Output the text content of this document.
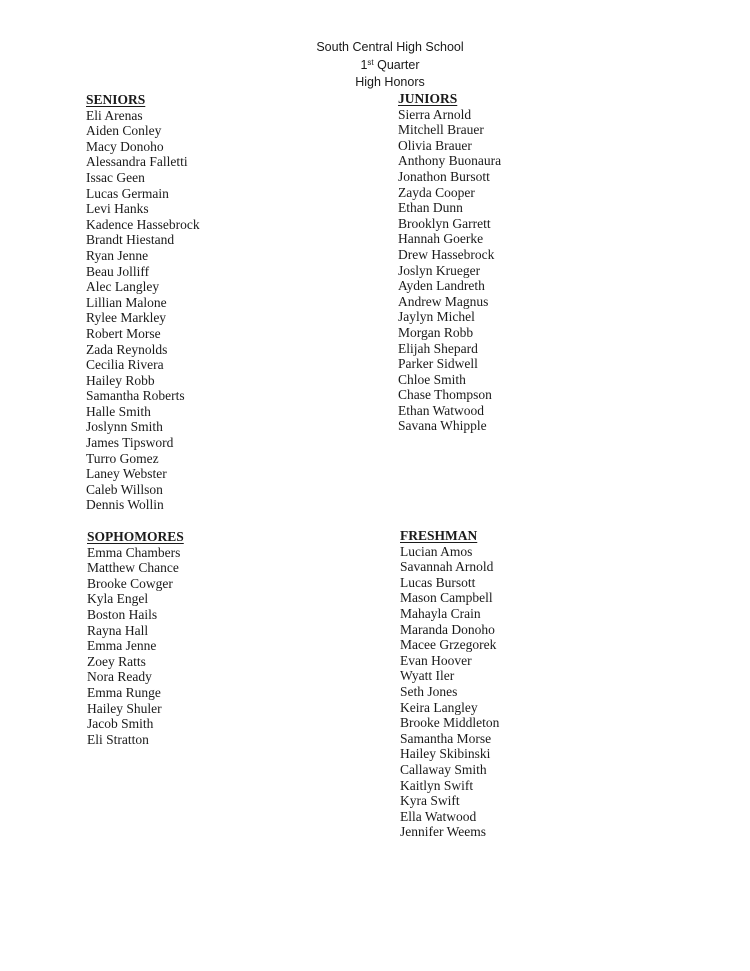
South Central High School
1st Quarter
High Honors
SENIORS
Eli Arenas
Aiden Conley
Macy Donoho
Alessandra Falletti
Issac Geen
Lucas Germain
Levi Hanks
Kadence Hassebrock
Brandt Hiestand
Ryan Jenne
Beau Jolliff
Alec Langley
Lillian Malone
Rylee Markley
Robert Morse
Zada Reynolds
Cecilia Rivera
Hailey Robb
Samantha Roberts
Halle Smith
Joslynn Smith
James Tipsword
Turro Gomez
Laney Webster
Caleb Willson
Dennis Wollin
JUNIORS
Sierra Arnold
Mitchell Brauer
Olivia Brauer
Anthony Buonaura
Jonathon Bursott
Zayda Cooper
Ethan Dunn
Brooklyn Garrett
Hannah Goerke
Drew Hassebrock
Joslyn Krueger
Ayden Landreth
Andrew Magnus
Jaylyn Michel
Morgan Robb
Elijah Shepard
Parker Sidwell
Chloe Smith
Chase Thompson
Ethan Watwood
Savana Whipple
SOPHOMORES
Emma Chambers
Matthew Chance
Brooke Cowger
Kyla Engel
Boston Hails
Rayna Hall
Emma Jenne
Zoey Ratts
Nora Ready
Emma Runge
Hailey Shuler
Jacob Smith
Eli Stratton
FRESHMAN
Lucian Amos
Savannah Arnold
Lucas Bursott
Mason Campbell
Mahayla Crain
Maranda Donoho
Macee Grzegorek
Evan Hoover
Wyatt Iler
Seth Jones
Keira Langley
Brooke Middleton
Samantha Morse
Hailey Skibinski
Callaway Smith
Kaitlyn Swift
Kyra Swift
Ella Watwood
Jennifer Weems
